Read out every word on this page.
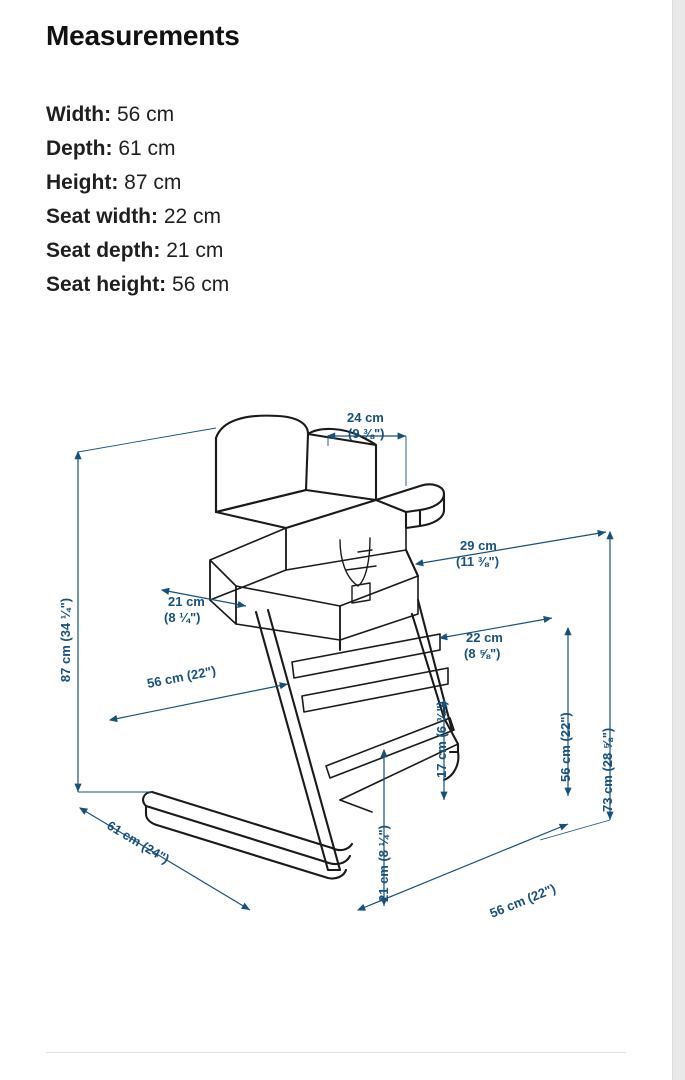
Measurements
Width: 56 cm
Depth: 61 cm
Height: 87 cm
Seat width: 22 cm
Seat depth: 21 cm
Seat height: 56 cm
24 cm
(9 ⅜")
87 cm (34 ¼")	21 cm
(8 ¼")
29 cm
(11 ⅜")
22 cm
(8 ⅝")
56 cm (22")
61 cm (24")
17 cm (6 ¾")
21 cm (8 ¼")
56 cm (22") 73 cm (28 ⅝")
56 cm (22")
